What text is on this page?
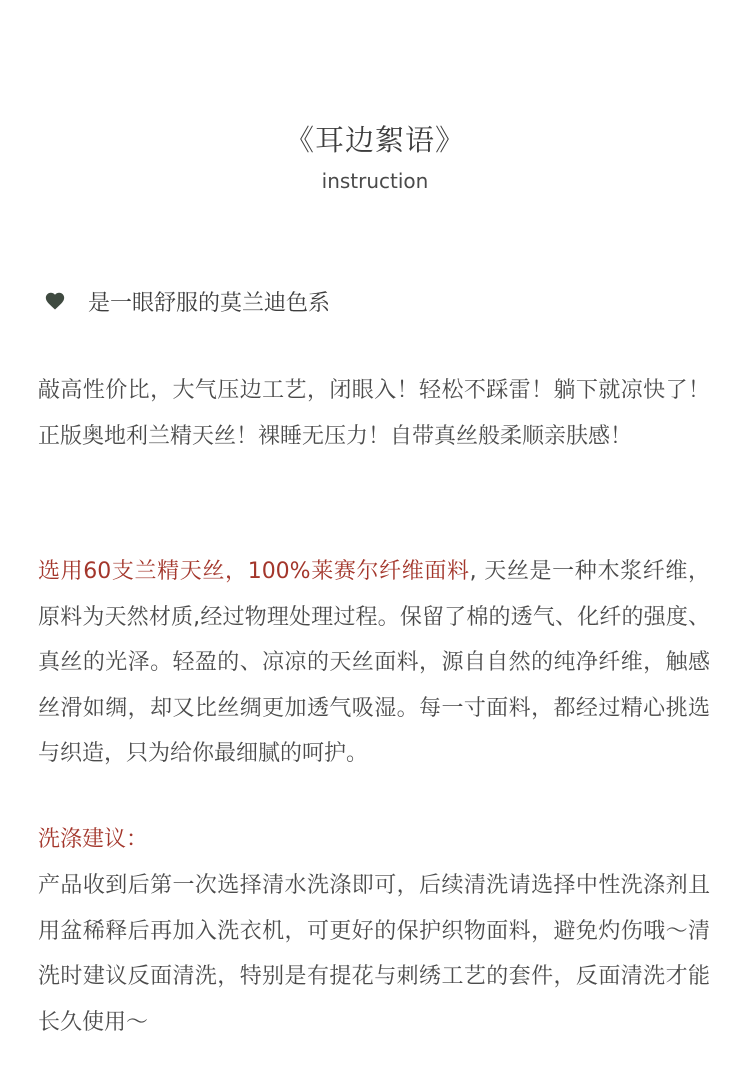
《耳边絮语》
instruction
是一眼舒服的莫兰迪色系

敲高性价比，大气压边工艺，闭眼入！轻松不踩雷！躺下就凉快了！正版奥地利兰精天丝！裸睡无压力！自带真丝般柔顺亲肤感！

选用60支兰精天丝，100%莱赛尔纤维面料, 天丝是一种木浆纤维，原料为天然材质,经过物理处理过程。保留了棉的透气、化纤的强度、真丝的光泽。轻盈的、凉凉的天丝面料，源自自然的纯净纤维，触感丝滑如绸，却又比丝绸更加透气吸湿。每一寸面料，都经过精心挑选与织造，只为给你最细腻的呵护。

洗涤建议：

产品收到后第一次选择清水洗涤即可，后续清洗请选择中性洗涤剂且用盆稀释后再加入洗衣机，可更好的保护织物面料，避免灼伤哦～清洗时建议反面清洗，特别是有提花与刺绣工艺的套件，反面清洗才能长久使用～
